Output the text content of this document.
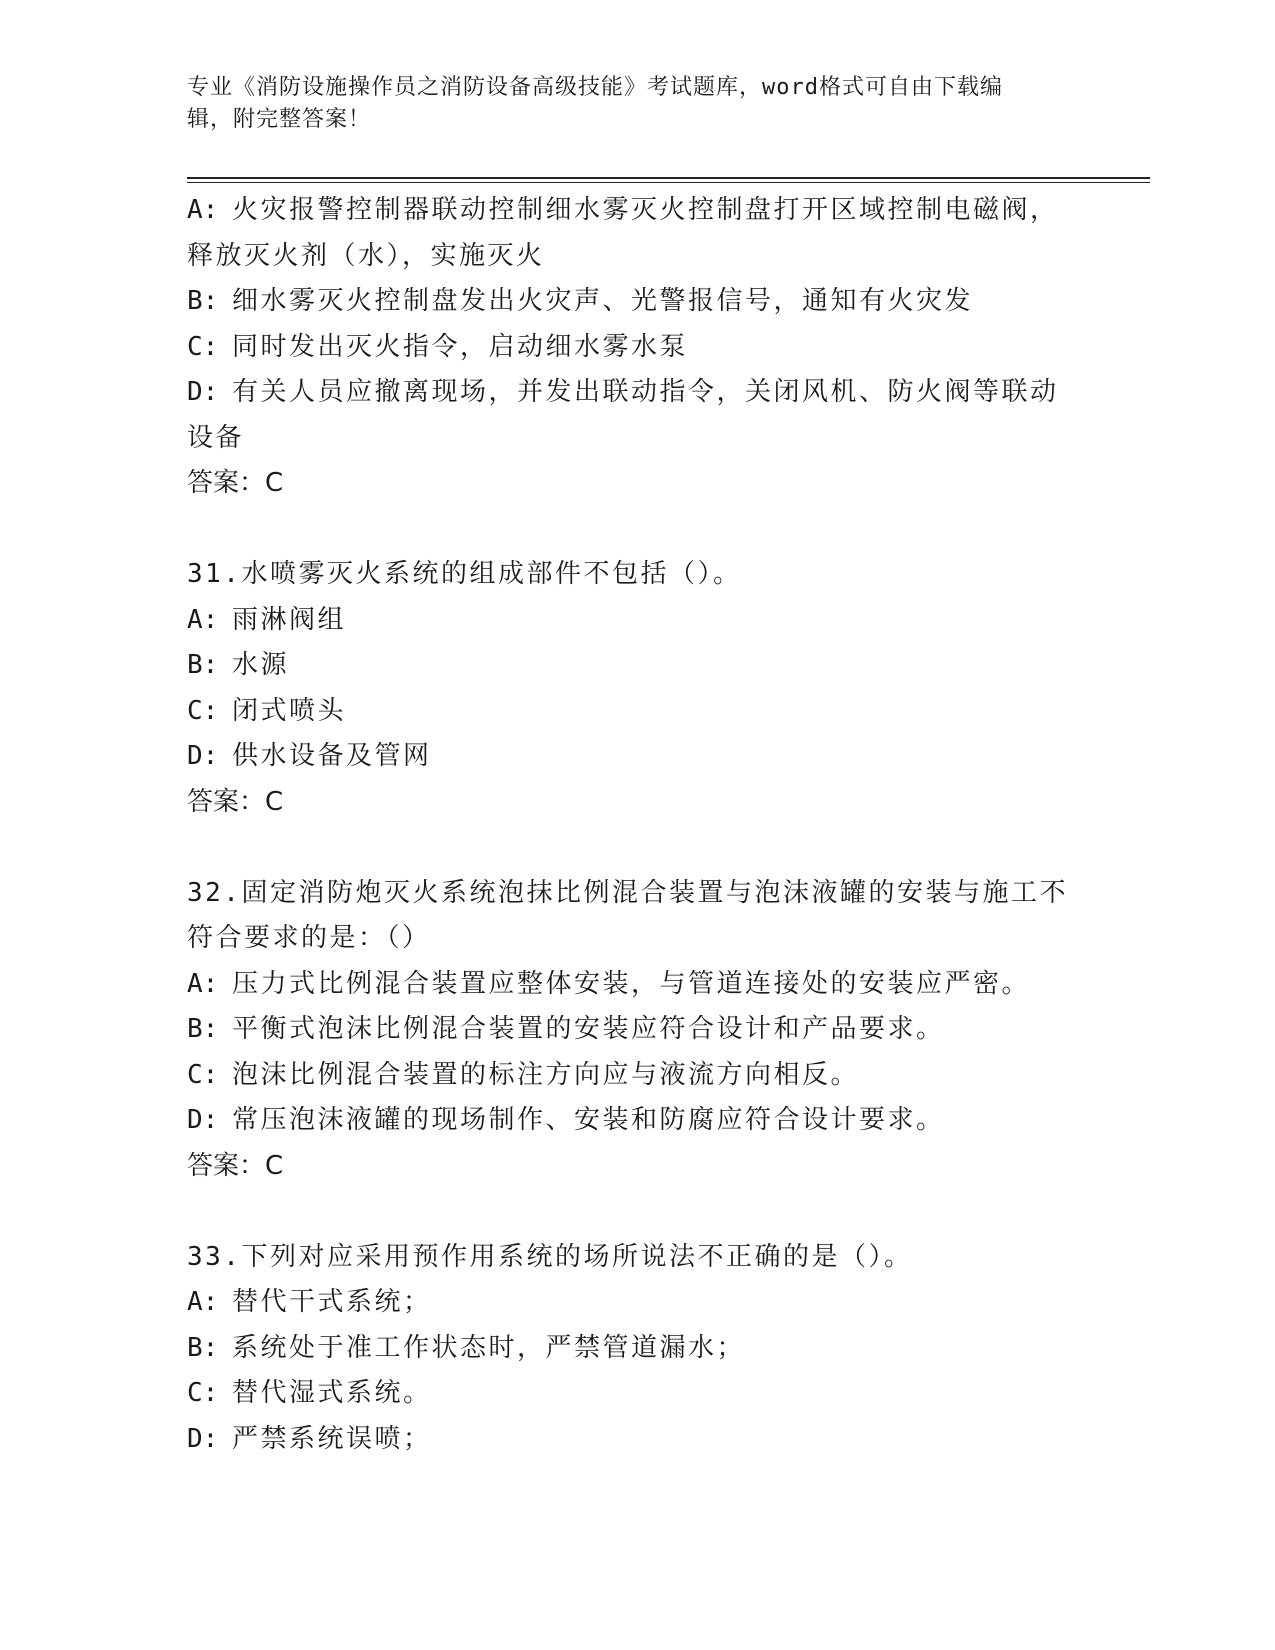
专业《消防设施操作员之消防设备高级技能》考试题库，word格式可自由下载编
辑，附完整答案！
A: 火灾报警控制器联动控制细水雾灭火控制盘打开区域控制电磁阀，
释放灭火剂（水），实施灭火
B: 细水雾灭火控制盘发出火灾声、光警报信号，通知有火灾发
C: 同时发出灭火指令，启动细水雾水泵
D: 有关人员应撤离现场，并发出联动指令，关闭风机、防火阀等联动
设备
答案：C
31.水喷雾灭火系统的组成部件不包括（）。
A: 雨淋阀组
B: 水源
C: 闭式喷头
D: 供水设备及管网
答案：C
32.固定消防炮灭火系统泡抹比例混合装置与泡沫液罐的安装与施工不
符合要求的是：（）
A: 压力式比例混合装置应整体安装，与管道连接处的安装应严密。
B: 平衡式泡沫比例混合装置的安装应符合设计和产品要求。
C: 泡沫比例混合装置的标注方向应与液流方向相反。
D: 常压泡沫液罐的现场制作、安装和防腐应符合设计要求。
答案：C
33.下列对应采用预作用系统的场所说法不正确的是（）。
A: 替代干式系统；
B: 系统处于准工作状态时，严禁管道漏水；
C: 替代湿式系统。
D: 严禁系统误喷；
